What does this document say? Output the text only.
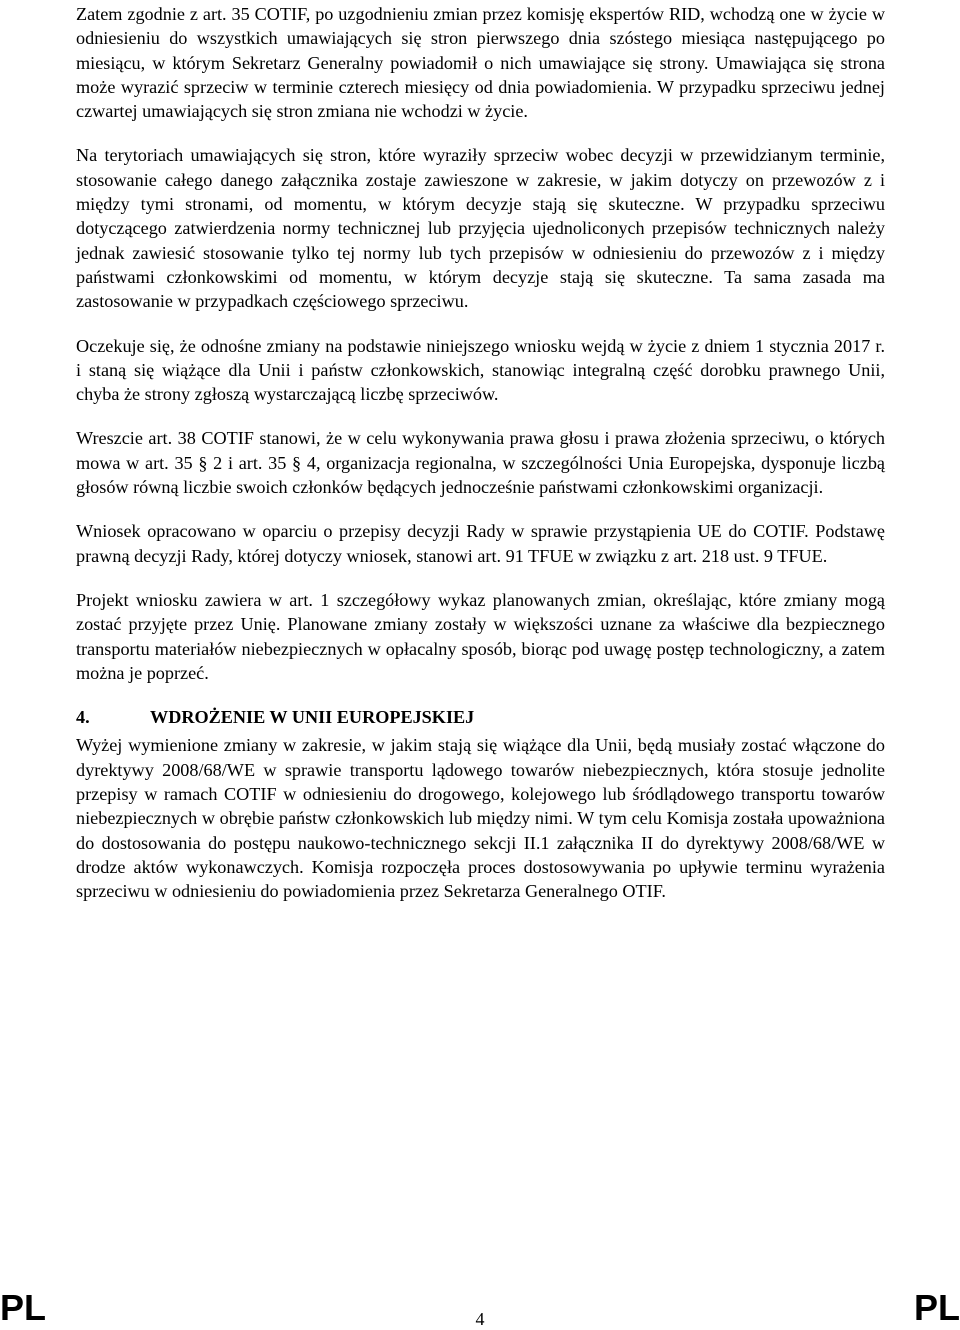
Zatem zgodnie z art. 35 COTIF, po uzgodnieniu zmian przez komisję ekspertów RID, wchodzą one w życie w odniesieniu do wszystkich umawiających się stron pierwszego dnia szóstego miesiąca następującego po miesiącu, w którym Sekretarz Generalny powiadomił o nich umawiające się strony. Umawiająca się strona może wyrazić sprzeciw w terminie czterech miesięcy od dnia powiadomienia. W przypadku sprzeciwu jednej czwartej umawiających się stron zmiana nie wchodzi w życie.

Na terytoriach umawiających się stron, które wyraziły sprzeciw wobec decyzji w przewidzianym terminie, stosowanie całego danego załącznika zostaje zawieszone w zakresie, w jakim dotyczy on przewozów z i między tymi stronami, od momentu, w którym decyzje stają się skuteczne. W przypadku sprzeciwu dotyczącego zatwierdzenia normy technicznej lub przyjęcia ujednoliconych przepisów technicznych należy jednak zawiesić stosowanie tylko tej normy lub tych przepisów w odniesieniu do przewozów z i między państwami członkowskimi od momentu, w którym decyzje stają się skuteczne. Ta sama zasada ma zastosowanie w przypadkach częściowego sprzeciwu.

Oczekuje się, że odnośne zmiany na podstawie niniejszego wniosku wejdą w życie z dniem 1 stycznia 2017 r. i staną się wiążące dla Unii i państw członkowskich, stanowiąc integralną część dorobku prawnego Unii, chyba że strony zgłoszą wystarczającą liczbę sprzeciwów.

Wreszcie art. 38 COTIF stanowi, że w celu wykonywania prawa głosu i prawa złożenia sprzeciwu, o których mowa w art. 35 § 2 i art. 35 § 4, organizacja regionalna, w szczególności Unia Europejska, dysponuje liczbą głosów równą liczbie swoich członków będących jednocześnie państwami członkowskimi organizacji.

Wniosek opracowano w oparciu o przepisy decyzji Rady w sprawie przystąpienia UE do COTIF. Podstawę prawną decyzji Rady, której dotyczy wniosek, stanowi art. 91 TFUE w związku z art. 218 ust. 9 TFUE.

Projekt wniosku zawiera w art. 1 szczegółowy wykaz planowanych zmian, określając, które zmiany mogą zostać przyjęte przez Unię. Planowane zmiany zostały w większości uznane za właściwe dla bezpiecznego transportu materiałów niebezpiecznych w opłacalny sposób, biorąc pod uwagę postęp technologiczny, a zatem można je poprzeć.

4.	WDROŻENIE W UNII EUROPEJSKIEJ

Wyżej wymienione zmiany w zakresie, w jakim stają się wiążące dla Unii, będą musiały zostać włączone do dyrektywy 2008/68/WE w sprawie transportu lądowego towarów niebezpiecznych, która stosuje jednolite przepisy w ramach COTIF w odniesieniu do drogowego, kolejowego lub śródlądowego transportu towarów niebezpiecznych w obrębie państw członkowskich lub między nimi. W tym celu Komisja została upoważniona do dostosowania do postępu naukowo-technicznego sekcji II.1 załącznika II do dyrektywy 2008/68/WE w drodze aktów wykonawczych. Komisja rozpoczęła proces dostosowywania po upływie terminu wyrażenia sprzeciwu w odniesieniu do powiadomienia przez Sekretarza Generalnego OTIF.

PL	4	PL
